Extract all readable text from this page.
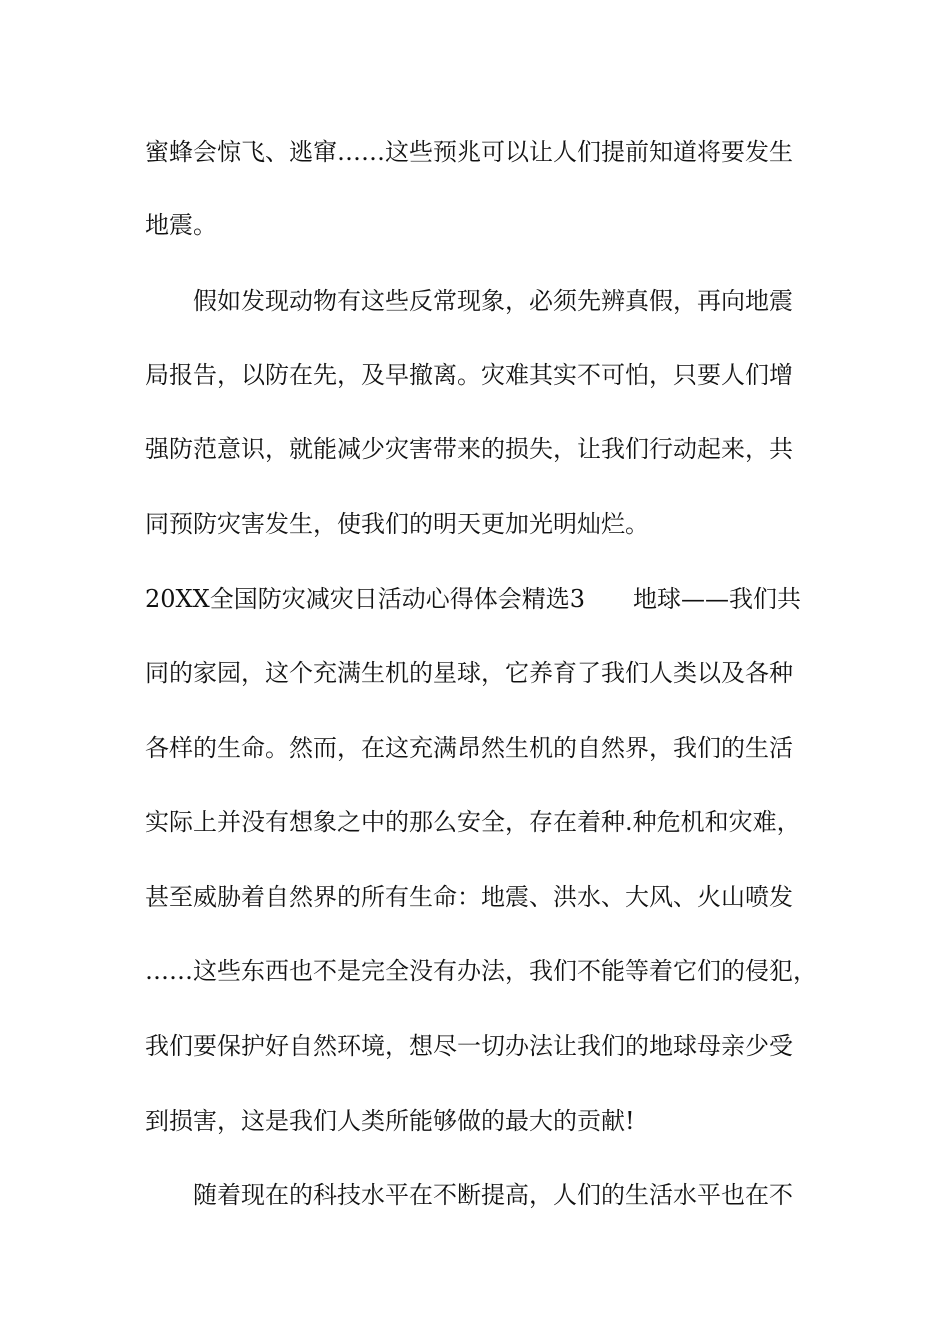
蜜蜂会惊飞、逃窜……这些预兆可以让人们提前知道将要发生
地震。
假如发现动物有这些反常现象，必须先辨真假，再向地震
局报告，以防在先，及早撤离。灾难其实不可怕，只要人们增
强防范意识，就能减少灾害带来的损失，让我们行动起来，共
同预防灾害发生，使我们的明天更加光明灿烂。
20XX全国防灾减灾日活动心得体会精选3　　地球——我们共
同的家园，这个充满生机的星球，它养育了我们人类以及各种
各样的生命。然而，在这充满昂然生机的自然界，我们的生活
实际上并没有想象之中的那么安全，存在着种.种危机和灾难，
甚至威胁着自然界的所有生命：地震、洪水、大风、火山喷发
……这些东西也不是完全没有办法，我们不能等着它们的侵犯，
我们要保护好自然环境，想尽一切办法让我们的地球母亲少受
到损害，这是我们人类所能够做的最大的贡献!
随着现在的科技水平在不断提高，人们的生活水平也在不
